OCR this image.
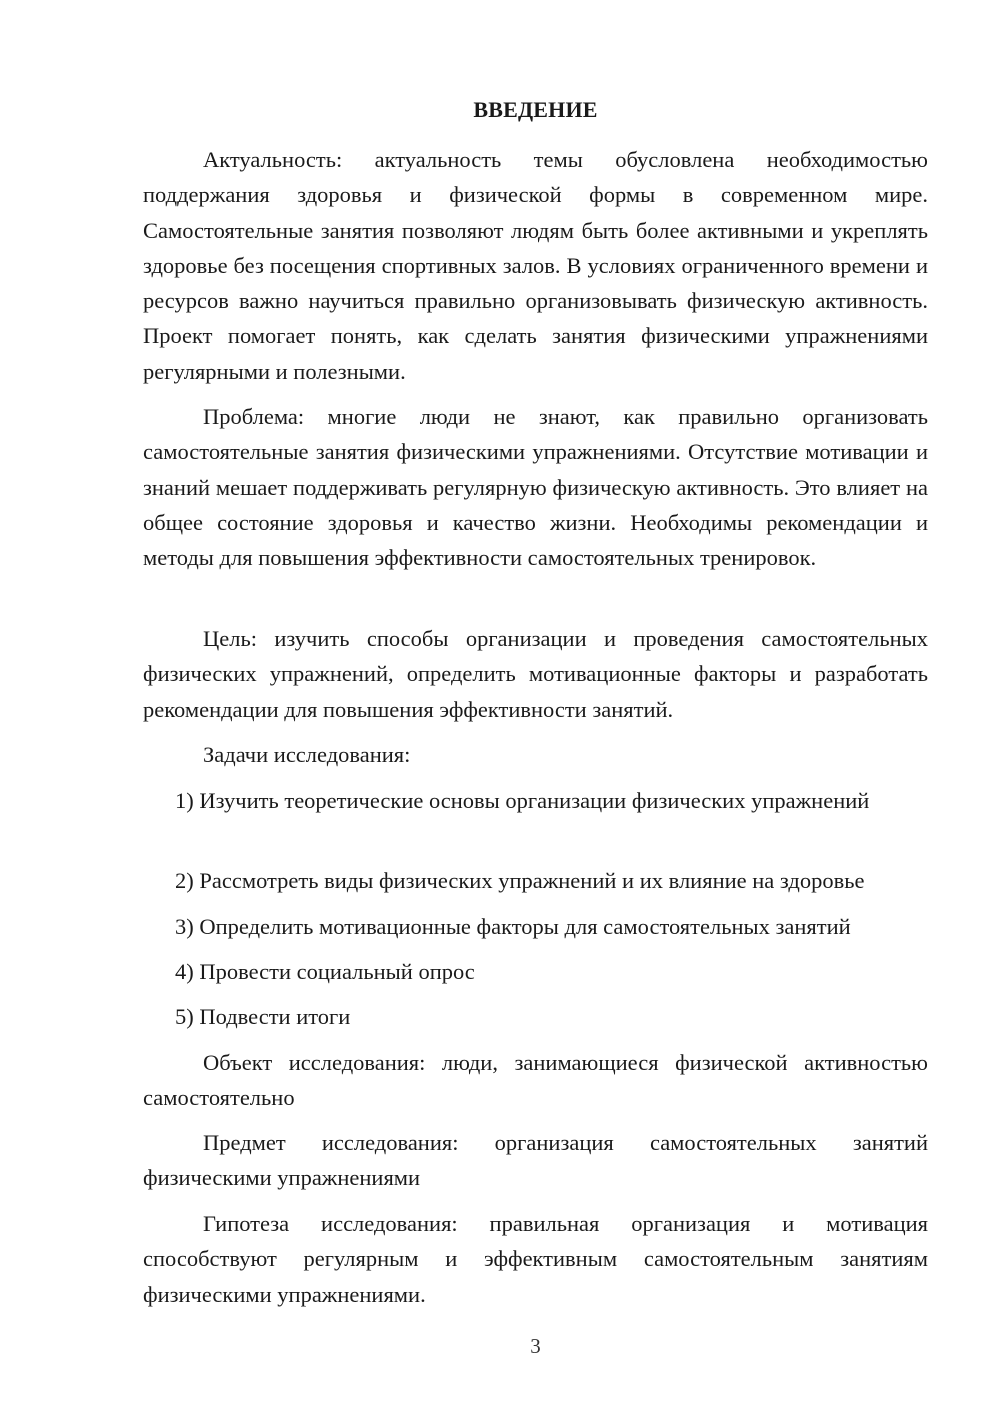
ВВЕДЕНИЕ

Актуальность: актуальность темы обусловлена необходимостью поддержания здоровья и физической формы в современном мире. Самостоятельные занятия позволяют людям быть более активными и укреплять здоровье без посещения спортивных залов. В условиях ограниченного времени и ресурсов важно научиться правильно организовывать физическую активность. Проект помогает понять, как сделать занятия физическими упражнениями регулярными и полезными.

Проблема: многие люди не знают, как правильно организовать самостоятельные занятия физическими упражнениями. Отсутствие мотивации и знаний мешает поддерживать регулярную физическую активность. Это влияет на общее состояние здоровья и качество жизни. Необходимы рекомендации и методы для повышения эффективности самостоятельных тренировок.

Цель: изучить способы организации и проведения самостоятельных физических упражнений, определить мотивационные факторы и разработать рекомендации для повышения эффективности занятий.

Задачи исследования:

1) Изучить теоретические основы организации физических упражнений

2) Рассмотреть виды физических упражнений и их влияние на здоровье

3) Определить мотивационные факторы для самостоятельных занятий

4) Провести социальный опрос

5) Подвести итоги

Объект исследования: люди, занимающиеся физической активностью самостоятельно

Предмет исследования: организация самостоятельных занятий физическими упражнениями

Гипотеза исследования: правильная организация и мотивация способствуют регулярным и эффективным самостоятельным занятиям физическими упражнениями.

3
